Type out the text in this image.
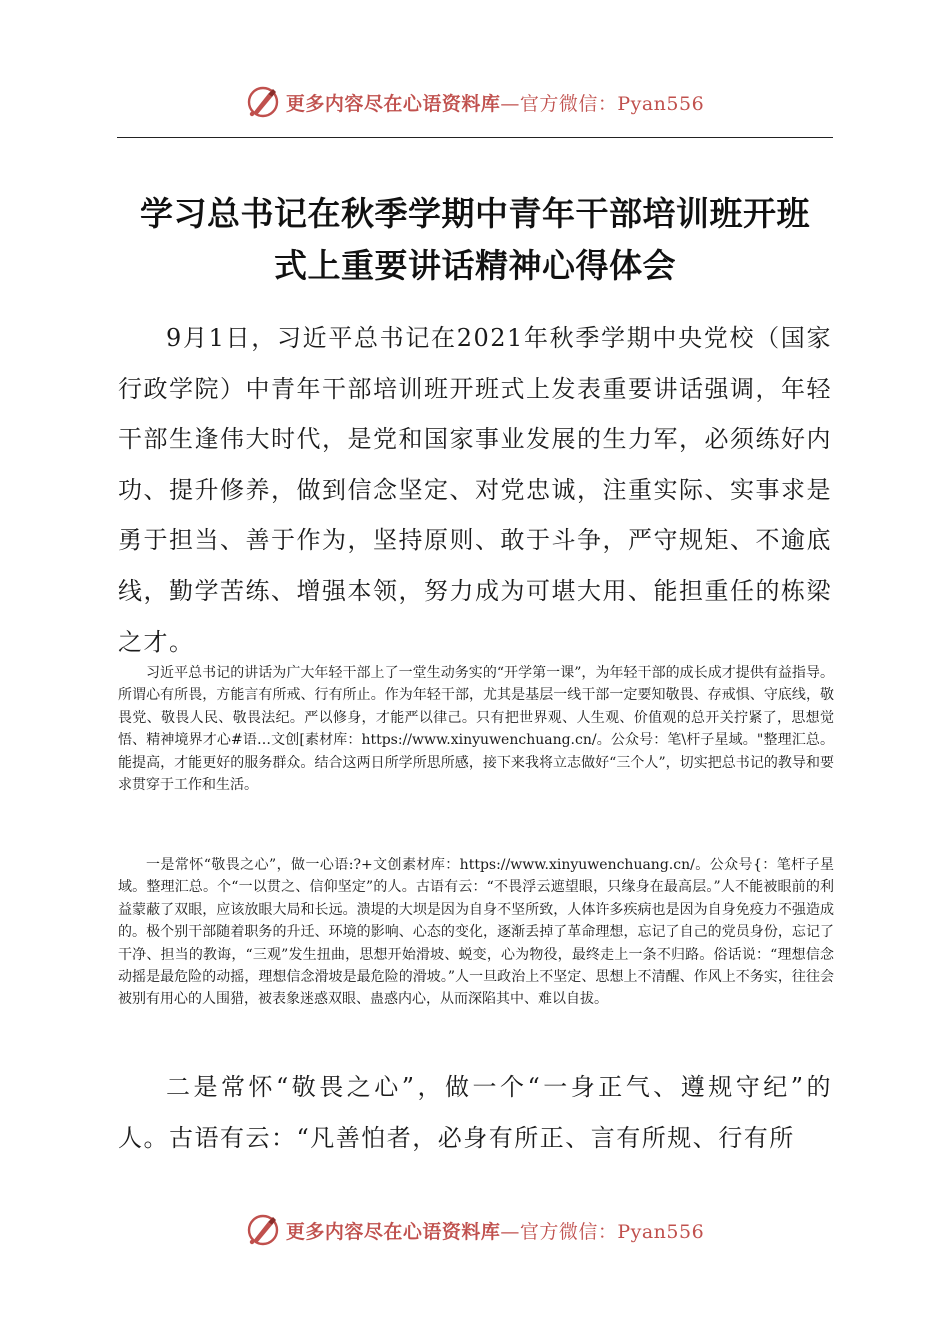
更多内容尽在心语资料库—官方微信：Pyan556
学习总书记在秋季学期中青年干部培训班开班
式上重要讲话精神心得体会

9月1日，习近平总书记在2021年秋季学期中央党校（国家行政学院）中青年干部培训班开班式上发表重要讲话强调，年轻干部生逢伟大时代，是党和国家事业发展的生力军，必须练好内功、提升修养，做到信念坚定、对党忠诚，注重实际、实事求是勇于担当、善于作为，坚持原则、敢于斗争，严守规矩、不逾底线，勤学苦练、增强本领，努力成为可堪大用、能担重任的栋梁之才。

习近平总书记的讲话为广大年轻干部上了一堂生动务实的“开学第一课”，为年轻干部的成长成才提供有益指导。所谓心有所畏，方能言有所戒、行有所止。作为年轻干部，尤其是基层一线干部一定要知敬畏、存戒惧、守底线，敬畏党、敬畏人民、敬畏法纪。严以修身，才能严以律己。只有把世界观、人生观、价值观的总开关拧紧了，思想觉悟、精神境界才心#语…文创[素材库：https://www.xinyuwenchuang.cn/。公众号：笔\杆子星域。"整理汇总。能提高，才能更好的服务群众。结合这两日所学所思所感，接下来我将立志做好“三个人”，切实把总书记的教导和要求贯穿于工作和生活。

一是常怀“敬畏之心”，做一心语:?+文创素材库：https://www.xinyuwenchuang.cn/。公众号{：笔杆子星域。整理汇总。个“一以贯之、信仰坚定”的人。古语有云：“不畏浮云遮望眼，只缘身在最高层。”人不能被眼前的利益蒙蔽了双眼，应该放眼大局和长远。溃堤的大坝是因为自身不坚所致，人体许多疾病也是因为自身免疫力不强造成的。极个别干部随着职务的升迁、环境的影响、心态的变化，逐渐丢掉了革命理想，忘记了自己的党员身份，忘记了干净、担当的教诲，“三观”发生扭曲，思想开始滑坡、蜕变，心为物役，最终走上一条不归路。俗话说：“理想信念动摇是最危险的动摇，理想信念滑坡是最危险的滑坡。”人一旦政治上不坚定、思想上不清醒、作风上不务实，往往会被别有用心的人围猎，被表象迷惑双眼、蛊惑内心，从而深陷其中、难以自拔。

二是常怀“敬畏之心”，做一个“一身正气、遵规守纪”的人。古语有云：“凡善怕者，必身有所正、言有所规、行有所

更多内容尽在心语资料库—官方微信：Pyan556
